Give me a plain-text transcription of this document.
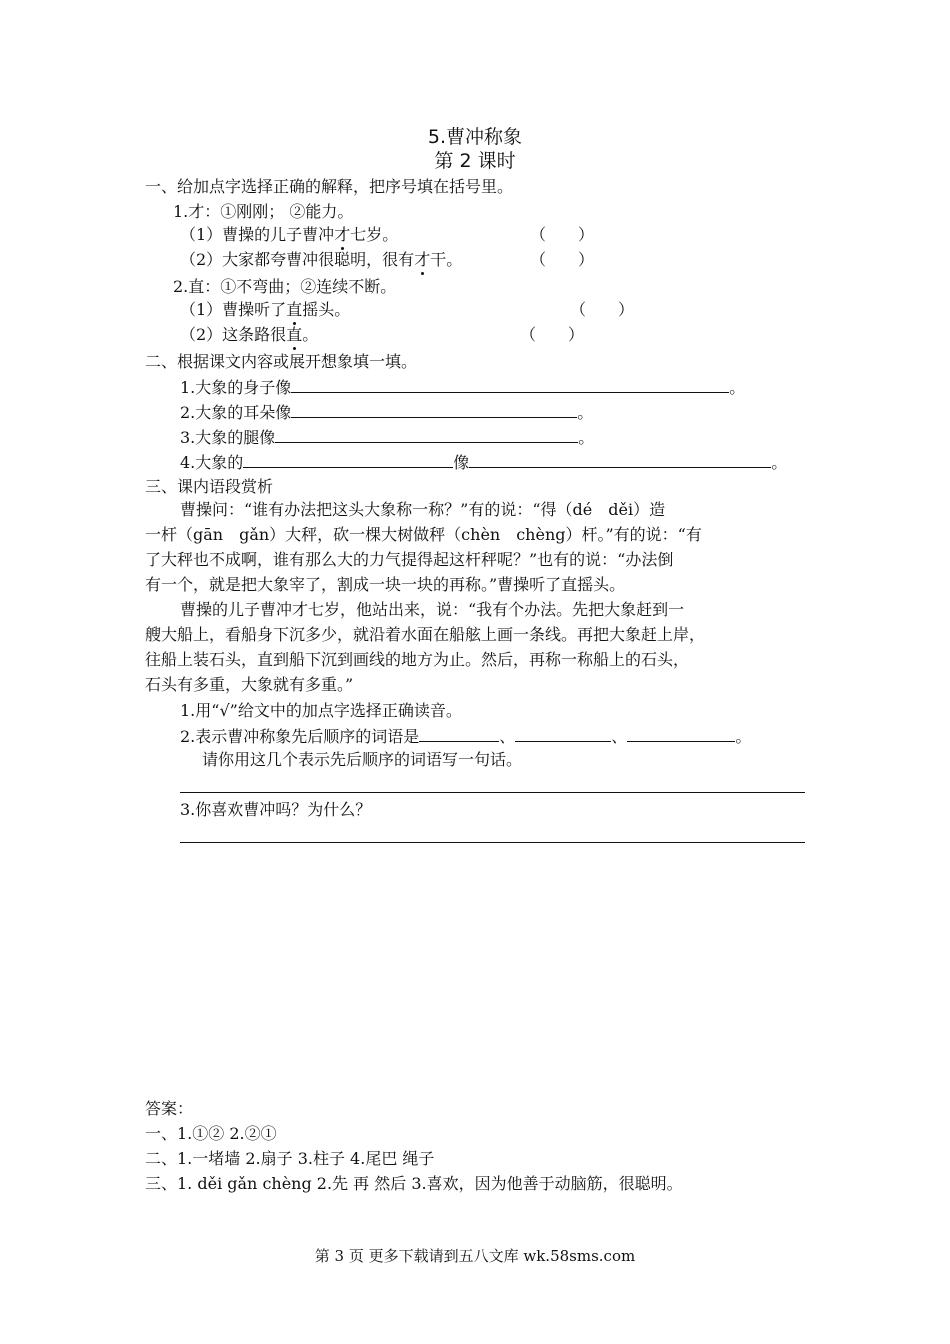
5.曹冲称象
第 2 课时
一、给加点字选择正确的解释，把序号填在括号里。
1.才：①刚刚； ②能力。
（1）曹操的儿子曹冲才七岁。	（　　）
（2）大家都夸曹冲很聪明，很有才干。	（　　）
2.直：①不弯曲；②连续不断。
（1）曹操听了直摇头。	（　　）
（2）这条路很直。	（　　）
二、根据课文内容或展开想象填一填。
1.大象的身子像	。
2.大象的耳朵像	。
3.大象的腿像	。
4.大象的	像	。
三、课内语段赏析
曹操问：“谁有办法把这头大象称一称？”有的说：“得（dé　děi）造
一杆（gān　gǎn）大秤，砍一棵大树做秤（chèn　chèng）杆。”有的说：“有
了大秤也不成啊，谁有那么大的力气提得起这杆秤呢？”也有的说：“办法倒
有一个，就是把大象宰了，割成一块一块的再称。”曹操听了直摇头。
曹操的儿子曹冲才七岁，他站出来，说：“我有个办法。先把大象赶到一
艘大船上，看船身下沉多少，就沿着水面在船舷上画一条线。再把大象赶上岸，
往船上装石头，直到船下沉到画线的地方为止。然后，再称一称船上的石头，
石头有多重，大象就有多重。”
1.用“√”给文中的加点字选择正确读音。
2.表示曹冲称象先后顺序的词语是	、	、	。
请你用这几个表示先后顺序的词语写一句话。
3.你喜欢曹冲吗？为什么？
答案：
一、1.①② 2.②①
二、1.一堵墙 2.扇子 3.柱子 4.尾巴 绳子
三、1. děi gǎn chèng 2.先 再 然后 3.喜欢，因为他善于动脑筋，很聪明。
第 3 页 更多下载请到五八文库 wk.58sms.com
